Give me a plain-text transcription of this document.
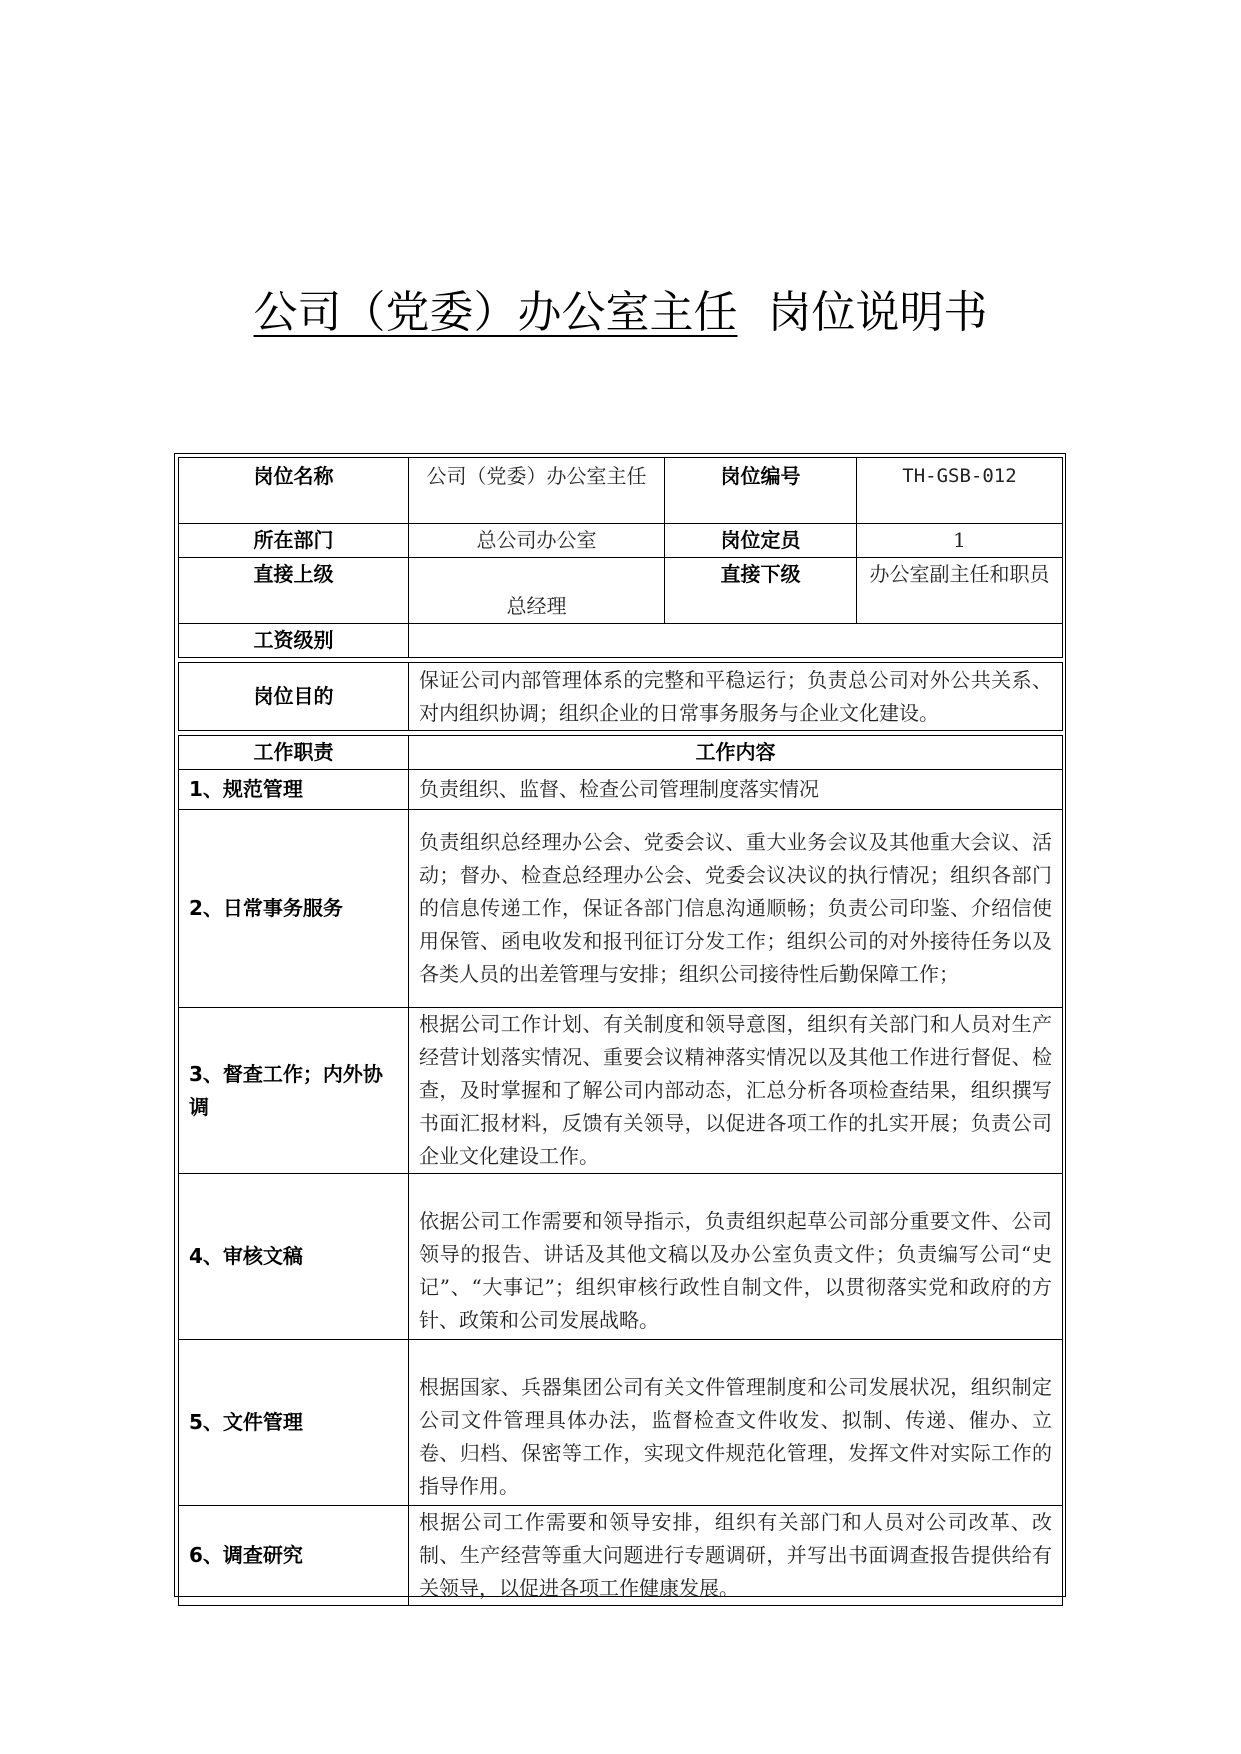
公司（党委）办公室主任 岗位说明书
岗位名称	公司（党委）办公室主任	岗位编号	TH-GSB-012
所在部门	总公司办公室	岗位定员	1
直接上级	总经理	直接下级	办公室副主任和职员
工资级别			

岗位目的	保证公司内部管理体系的完整和平稳运行；负责总公司对外公共关系、对内组织协调；组织企业的日常事务服务与企业文化建设。		

工作职责	工作内容		
1、规范管理	负责组织、监督、检查公司管理制度落实情况		
2、日常事务服务	负责组织总经理办公会、党委会议、重大业务会议及其他重大会议、活动；督办、检查总经理办公会、党委会议决议的执行情况；组织各部门的信息传递工作，保证各部门信息沟通顺畅；负责公司印鉴、介绍信使用保管、函电收发和报刊征订分发工作；组织公司的对外接待任务以及各类人员的出差管理与安排；组织公司接待性后勤保障工作；		
3、督查工作；内外协调	根据公司工作计划、有关制度和领导意图，组织有关部门和人员对生产经营计划落实情况、重要会议精神落实情况以及其他工作进行督促、检查，及时掌握和了解公司内部动态，汇总分析各项检查结果，组织撰写书面汇报材料，反馈有关领导，以促进各项工作的扎实开展；负责公司企业文化建设工作。		
4、审核文稿	依据公司工作需要和领导指示，负责组织起草公司部分重要文件、公司领导的报告、讲话及其他文稿以及办公室负责文件；负责编写公司“史记”、“大事记”；组织审核行政性自制文件，以贯彻落实党和政府的方针、政策和公司发展战略。		
5、文件管理	根据国家、兵器集团公司有关文件管理制度和公司发展状况，组织制定公司文件管理具体办法，监督检查文件收发、拟制、传递、催办、立卷、归档、保密等工作，实现文件规范化管理，发挥文件对实际工作的指导作用。		
6、调查研究	根据公司工作需要和领导安排，组织有关部门和人员对公司改革、改制、生产经营等重大问题进行专题调研，并写出书面调查报告提供给有关领导，以促进各项工作健康发展。		
